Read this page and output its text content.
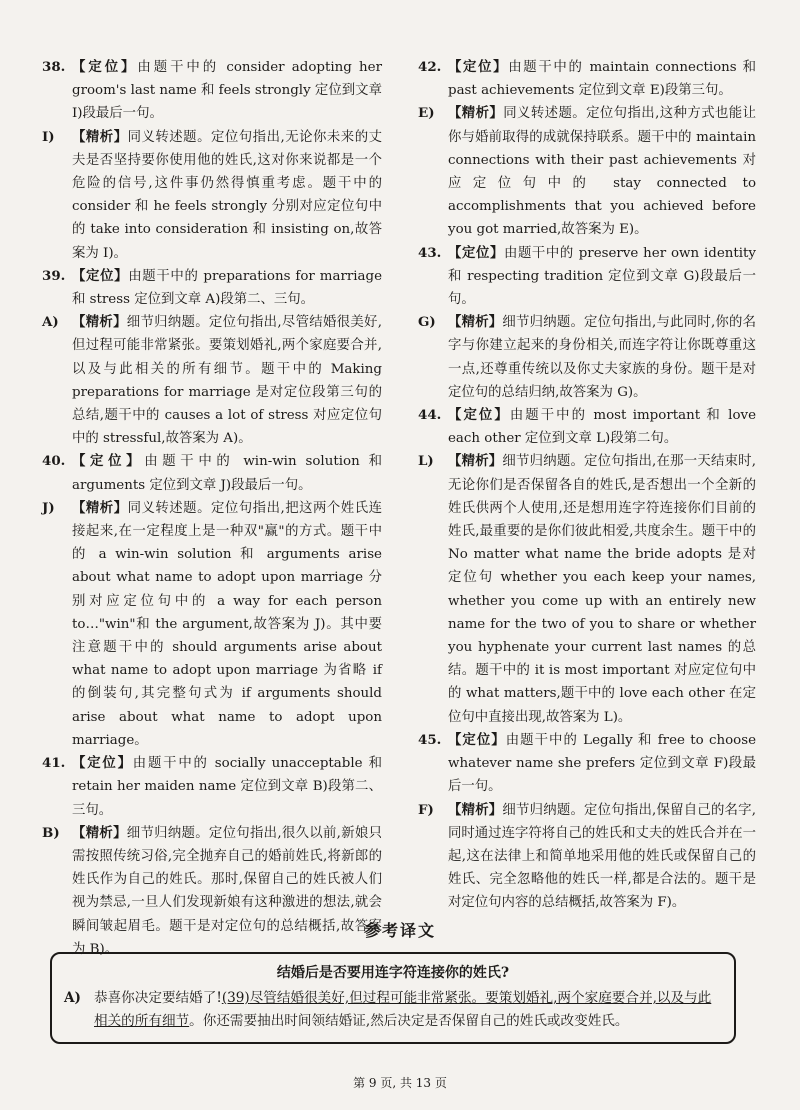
38. 【定位】由题干中的 consider adopting her groom's last name 和 feels strongly 定位到文章 I)段最后一句。

I) 【精析】同义转述题。定位句指出,无论你未来的丈夫是否坚持要你使用他的姓氏,这对你来说都是一个危险的信号,这件事仍然得慎重考虑。题干中的 consider 和 he feels strongly 分别对应定位句中的 take into consideration 和 insisting on,故答案为 I)。

39. 【定位】由题干中的 preparations for marriage 和 stress 定位到文章 A)段第二、三句。

A) 【精析】细节归纳题。定位句指出,尽管结婚很美好,但过程可能非常紧张。要策划婚礼,两个家庭要合并,以及与此相关的所有细节。题干中的 Making preparations for marriage 是对定位段第三句的总结,题干中的 causes a lot of stress 对应定位句中的 stressful,故答案为 A)。

40. 【定位】由题干中的 win-win solution 和 arguments 定位到文章 J)段最后一句。

J) 【精析】同义转述题。定位句指出,把这两个姓氏连接起来,在一定程度上是一种双"赢"的方式。题干中的 a win-win solution 和 arguments arise about what name to adopt upon marriage 分别对应定位句中的 a way for each person to…"win"和 the argument,故答案为 J)。其中要注意题干中的 should arguments arise about what name to adopt upon marriage 为省略 if 的倒装句,其完整句式为 if arguments should arise about what name to adopt upon marriage。

41. 【定位】由题干中的 socially unacceptable 和 retain her maiden name 定位到文章 B)段第二、三句。

B) 【精析】细节归纳题。定位句指出,很久以前,新娘只需按照传统习俗,完全抛弃自己的婚前姓氏,将新郎的姓氏作为自己的姓氏。那时,保留自己的姓氏被人们视为禁忌,一旦人们发现新娘有这种激进的想法,就会瞬间皱起眉毛。题干是对定位句的总结概括,故答案为 B)。

42. 【定位】由题干中的 maintain connections 和 past achievements 定位到文章 E)段第三句。

E) 【精析】同义转述题。定位句指出,这种方式也能让你与婚前取得的成就保持联系。题干中的 maintain connections with their past achievements 对应定位句中的 stay connected to accomplishments that you achieved before you got married,故答案为 E)。

43. 【定位】由题干中的 preserve her own identity 和 respecting tradition 定位到文章 G)段最后一句。

G) 【精析】细节归纳题。定位句指出,与此同时,你的名字与你建立起来的身份相关,而连字符让你既尊重这一点,还尊重传统以及你丈夫家族的身份。题干是对定位句的总结归纳,故答案为 G)。

44. 【定位】由题干中的 most important 和 love each other 定位到文章 L)段第二句。

L) 【精析】细节归纳题。定位句指出,在那一天结束时,无论你们是否保留各自的姓氏,是否想出一个全新的姓氏供两个人使用,还是想用连字符连接你们目前的姓氏,最重要的是你们彼此相爱,共度余生。题干中的 No matter what name the bride adopts 是对定位句 whether you each keep your names, whether you come up with an entirely new name for the two of you to share or whether you hyphenate your current last names 的总结。题干中的 it is most important 对应定位句中的 what matters,题干中的 love each other 在定位句中直接出现,故答案为 L)。

45. 【定位】由题干中的 Legally 和 free to choose whatever name she prefers 定位到文章 F)段最后一句。

F) 【精析】细节归纳题。定位句指出,保留自己的名字,同时通过连字符将自己的姓氏和丈夫的姓氏合并在一起,这在法律上和简单地采用他的姓氏或保留自己的姓氏、完全忽略他的姓氏一样,都是合法的。题干是对定位句内容的总结概括,故答案为 F)。

参考译文
结婚后是否要用连字符连接你的姓氏?
A) 恭喜你决定要结婚了!(39)尽管结婚很美好,但过程可能非常紧张。要策划婚礼,两个家庭要合并,以及与此相关的所有细节。你还需要抽出时间领结婚证,然后决定是否保留自己的姓氏或改变姓氏。
第 9 页, 共 13 页
